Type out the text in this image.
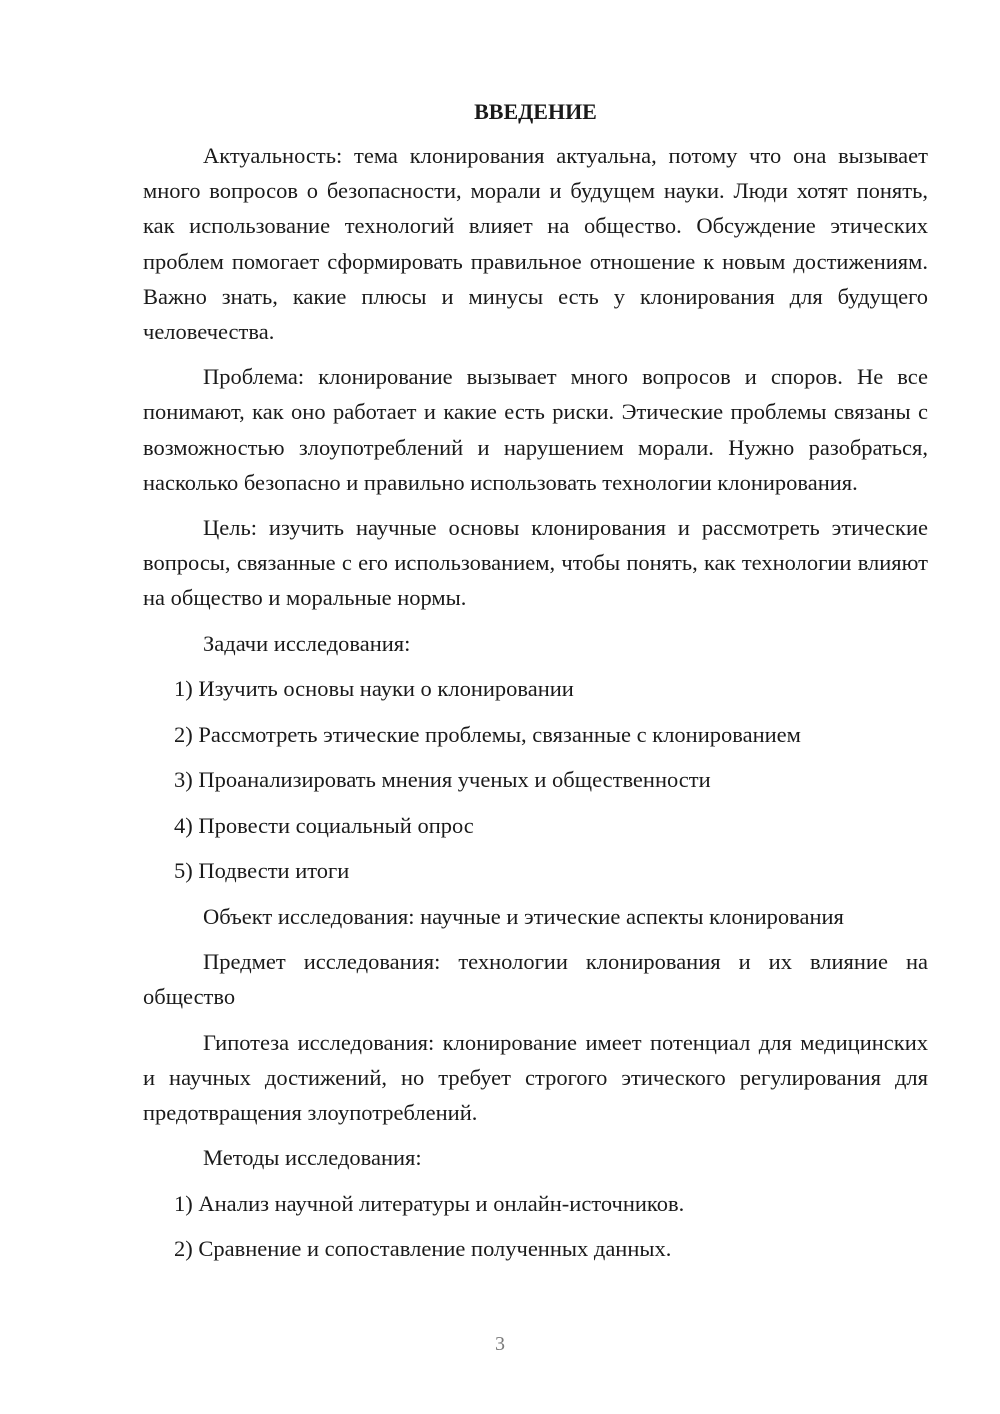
ВВЕДЕНИЕ

Актуальность: тема клонирования актуальна, потому что она вызывает много вопросов о безопасности, морали и будущем науки. Люди хотят понять, как использование технологий влияет на общество. Обсуждение этических проблем помогает сформировать правильное отношение к новым достижениям. Важно знать, какие плюсы и минусы есть у клонирования для будущего человечества.

Проблема: клонирование вызывает много вопросов и споров. Не все понимают, как оно работает и какие есть риски. Этические проблемы связаны с возможностью злоупотреблений и нарушением морали. Нужно разобраться, насколько безопасно и правильно использовать технологии клонирования.

Цель: изучить научные основы клонирования и рассмотреть этические вопросы, связанные с его использованием, чтобы понять, как технологии влияют на общество и моральные нормы.

Задачи исследования:

1) Изучить основы науки о клонировании

2) Рассмотреть этические проблемы, связанные с клонированием

3) Проанализировать мнения ученых и общественности

4) Провести социальный опрос

5) Подвести итоги

Объект исследования: научные и этические аспекты клонирования

Предмет исследования: технологии клонирования и их влияние на общество

Гипотеза исследования: клонирование имеет потенциал для медицинских и научных достижений, но требует строгого этического регулирования для предотвращения злоупотреблений.

Методы исследования:

1) Анализ научной литературы и онлайн-источников.

2) Сравнение и сопоставление полученных данных.

3
